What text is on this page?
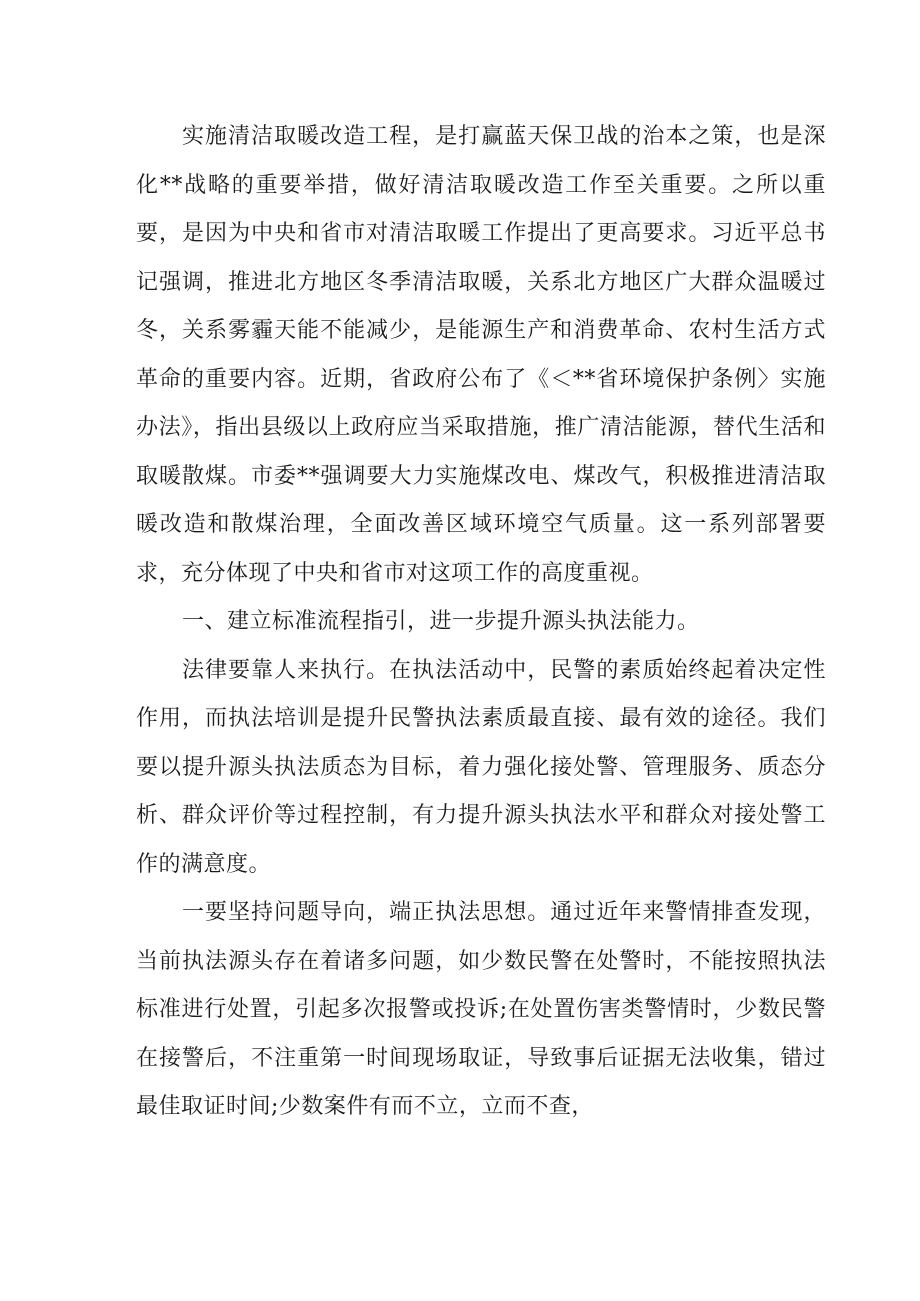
实施清洁取暖改造工程，是打赢蓝天保卫战的治本之策，也是深化**战略的重要举措，做好清洁取暖改造工作至关重要。之所以重要，是因为中央和省市对清洁取暖工作提出了更高要求。习近平总书记强调，推进北方地区冬季清洁取暖，关系北方地区广大群众温暖过冬，关系雾霾天能不能减少，是能源生产和消费革命、农村生活方式革命的重要内容。近期，省政府公布了《＜**省环境保护条例〉实施办法》，指出县级以上政府应当采取措施，推广清洁能源，替代生活和取暖散煤。市委**强调要大力实施煤改电、煤改气，积极推进清洁取暖改造和散煤治理，全面改善区域环境空气质量。这一系列部署要求，充分体现了中央和省市对这项工作的高度重视。

一、建立标准流程指引，进一步提升源头执法能力。

法律要靠人来执行。在执法活动中，民警的素质始终起着决定性作用，而执法培训是提升民警执法素质最直接、最有效的途径。我们要以提升源头执法质态为目标，着力强化接处警、管理服务、质态分析、群众评价等过程控制，有力提升源头执法水平和群众对接处警工作的满意度。

一要坚持问题导向，端正执法思想。通过近年来警情排查发现，当前执法源头存在着诸多问题，如少数民警在处警时，不能按照执法标准进行处置，引起多次报警或投诉;在处置伤害类警情时，少数民警在接警后，不注重第一时间现场取证，导致事后证据无法收集，错过最佳取证时间;少数案件有而不立，立而不查，
